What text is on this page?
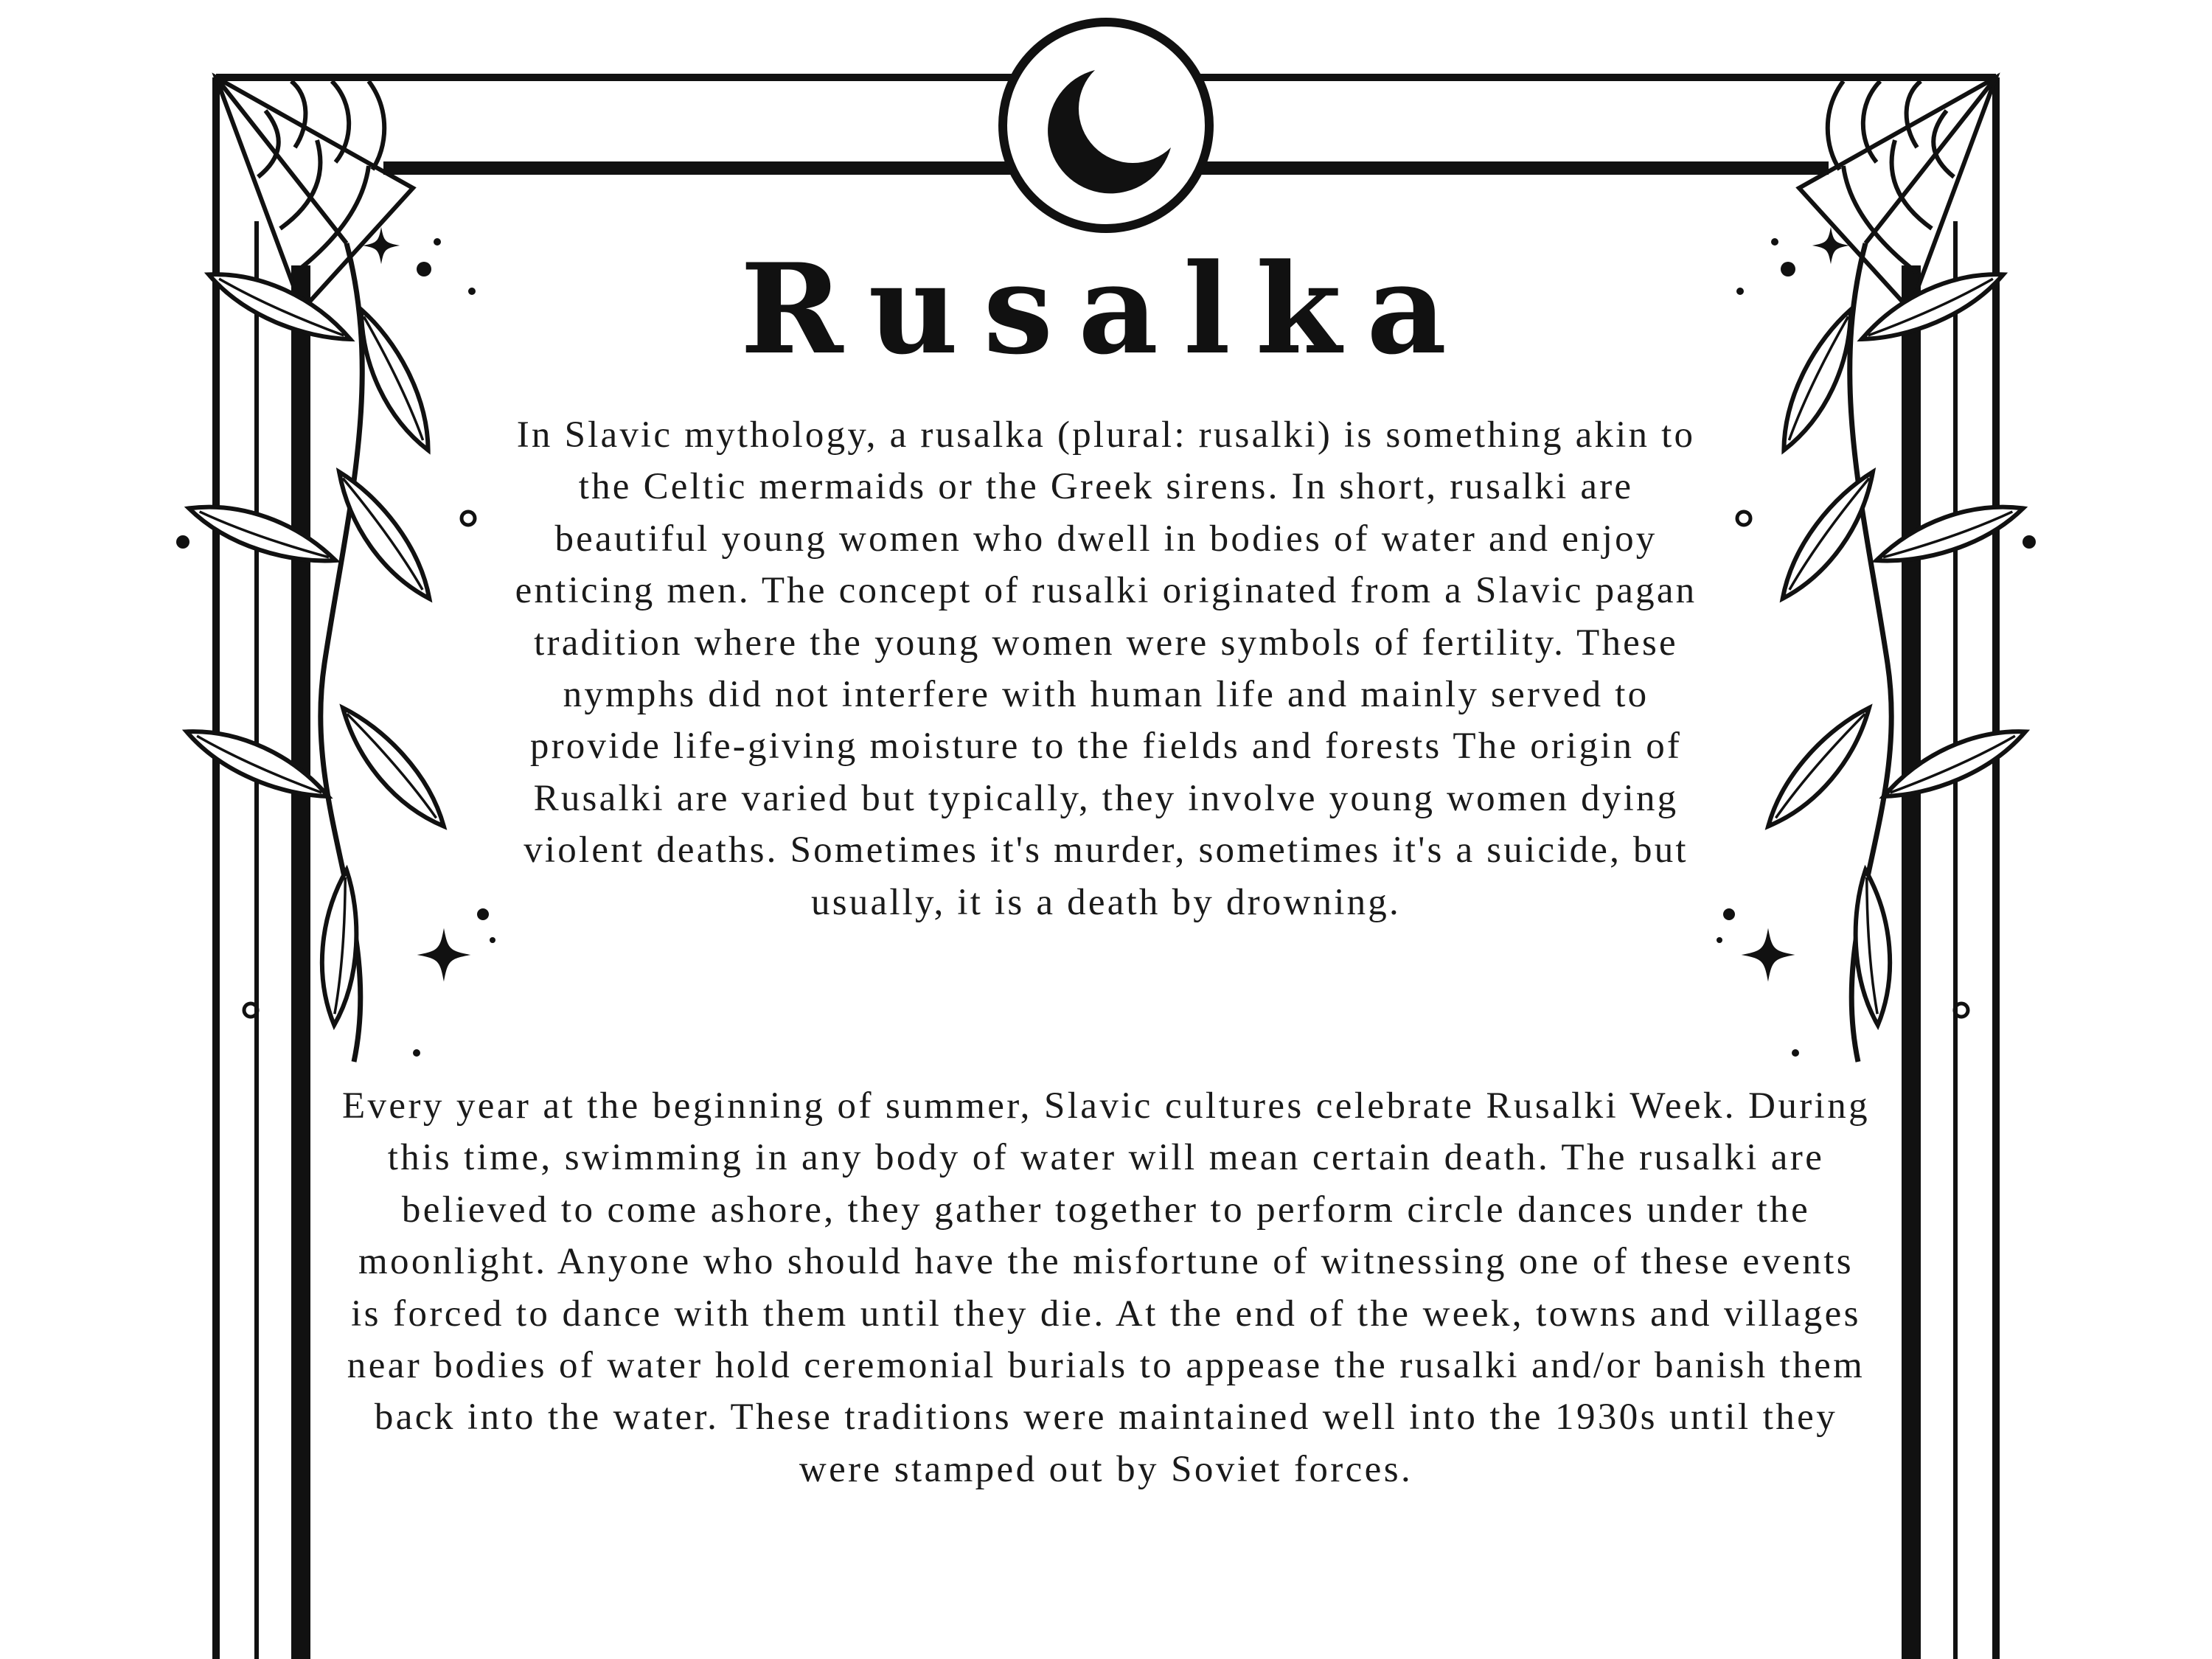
Rusalka

In Slavic mythology, a rusalka (plural: rusalki) is something akin to the Celtic mermaids or the Greek sirens. In short, rusalki are beautiful young women who dwell in bodies of water and enjoy enticing men. The concept of rusalki originated from a Slavic pagan tradition where the young women were symbols of fertility. These nymphs did not interfere with human life and mainly served to provide life-giving moisture to the fields and forests The origin of Rusalki are varied but typically, they involve young women dying violent deaths. Sometimes it's murder, sometimes it's a suicide, but usually, it is a death by drowning.

Every year at the beginning of summer, Slavic cultures celebrate Rusalki Week. During this time, swimming in any body of water will mean certain death. The rusalki are believed to come ashore, they gather together to perform circle dances under the moonlight. Anyone who should have the misfortune of witnessing one of these events is forced to dance with them until they die. At the end of the week, towns and villages near bodies of water hold ceremonial burials to appease the rusalki and/or banish them back into the water. These traditions were maintained well into the 1930s until they were stamped out by Soviet forces.
